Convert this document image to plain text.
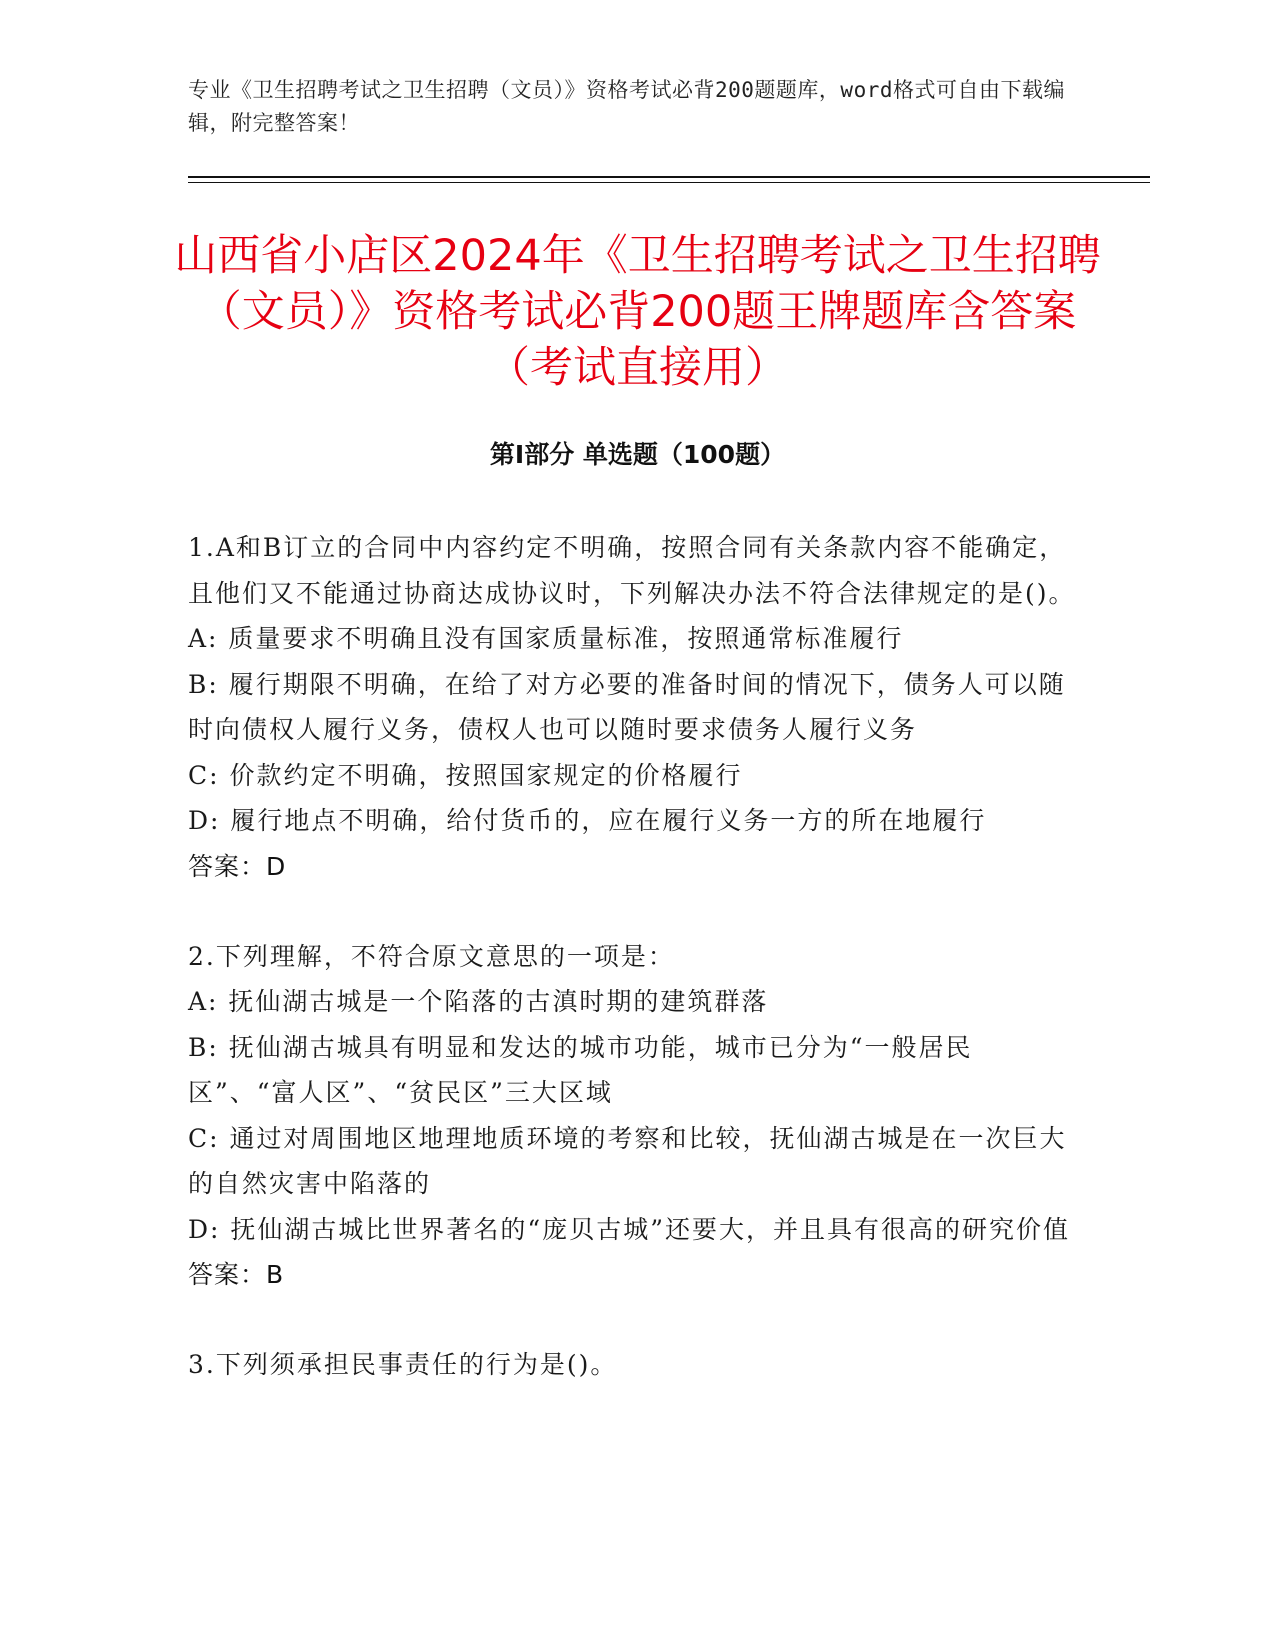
专业《卫生招聘考试之卫生招聘（文员）》资格考试必背200题题库，word格式可自由下载编辑，附完整答案！
山西省小店区2024年《卫生招聘考试之卫生招聘（文员）》资格考试必背200题王牌题库含答案（考试直接用）
第Ⅰ部分 单选题（100题）

1.A和B订立的合同中内容约定不明确，按照合同有关条款内容不能确定，且他们又不能通过协商达成协议时，下列解决办法不符合法律规定的是()。

A: 质量要求不明确且没有国家质量标准，按照通常标准履行

B: 履行期限不明确，在给了对方必要的准备时间的情况下，债务人可以随时向债权人履行义务，债权人也可以随时要求债务人履行义务

C: 价款约定不明确，按照国家规定的价格履行

D: 履行地点不明确，给付货币的，应在履行义务一方的所在地履行

答案：D

2.下列理解，不符合原文意思的一项是：

A: 抚仙湖古城是一个陷落的古滇时期的建筑群落

B: 抚仙湖古城具有明显和发达的城市功能，城市已分为“一般居民区”、“富人区”、“贫民区”三大区域

C: 通过对周围地区地理地质环境的考察和比较，抚仙湖古城是在一次巨大的自然灾害中陷落的

D: 抚仙湖古城比世界著名的“庞贝古城”还要大，并且具有很高的研究价值

答案：B

3.下列须承担民事责任的行为是()。
